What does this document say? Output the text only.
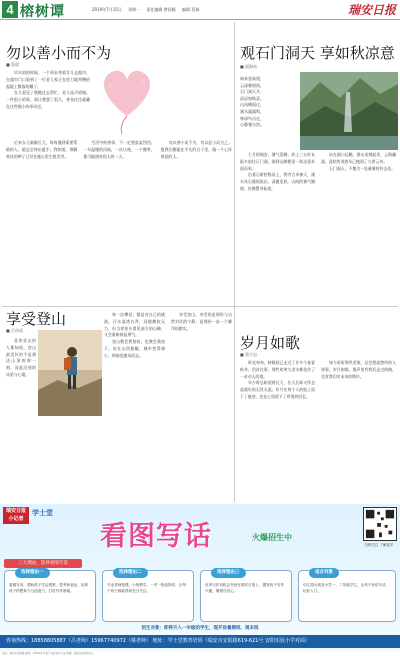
4 榕树谭	2019年7月15日 星期一 责任编辑 曾舒颖 编辑 蔡瑞	瑞安日报
勿以善小而不为
■ 蔡晨

早年前的时候，一个周末带着女儿去超市，在超市门口看到了一位老人家正在吃力地弯腰拾起地上散落的橘子。

女儿看见了便跑过去帮忙，老人连声道谢。一件很小的事，却让我想了很久，善良往往就藏在这些细小的举动里。

后来女儿渐渐长大，每每遇到需要帮助的人，她总会伸出援手。我知道，那颗善良的种子已经在她心里生根发芽。

生活中的善事，不一定要轰轰烈烈。一句温暖的问候，一次让座，一个微笑，都可能照亮别人的一天。

勿以善小而不为，勿以恶小而为之。愿我们都能在平凡的日子里，做一个心怀善意的人。

观石门洞天 享如秋凉意
■ 邱海东
闲来登高望，
云深雾绕间，
石门洞天开，
清凉如秋意。
山风拂面过，
溪水潺潺鸣，
林深鸟自在，
心静暑自消。

七月的瑞安，暑气蒸腾。约上三五好友驱车前往石门洞，刚到山脚便觉一阵凉意扑面而来。

沿着石阶拾级而上，两旁古木参天，溪水从石缝间流出，清澈见底。山间的雾气缭绕，仿佛置身仙境。

站在洞口远眺，群山连绵起伏，云海翻涌，此时的炎热早已抛到了九霄云外。

石门洞天，不愧为一处避暑的好去处。

享受登山
■ 吕卓雨

喜欢登山的人都知道，登山最美好的不是到达山顶的那一刻，而是沿途的风景与心境。

每一次攀登，都是对自己的挑战。汗水湿透衣背，双腿酸软无力，但当你抬头望见前方的山峰，又会重新鼓起勇气。

登山教会我坚持，也教会我放下。站在山顶俯瞰，城市变得渺小，烦恼也随风而去。

享受登山，享受的是那份与自然对话的宁静，是那份一步一个脚印的踏实。

岁月如歌
■ 蔡少岩

时光匆匆，转眼间已走过了许多个春夏秋冬。回首往事，那些欢笑与泪水都化作了一首动人的歌。

年少时总盼望着长大，长大后却又怀念起童年的无忧无虑。岁月在每个人的脸上留下了痕迹，也在心里留下了珍贵的回忆。

如今再听那些老歌，总会想起曾经的人和事。岁月如歌，歌声里有我们走过的路，也有我们对未来的期许。

瑞安日报 小记者
学士堂
看图写话	火爆招生中
扫码关注 了解更多
三大理由，选择看图写话
选择理由一

看图写话，帮助孩子学会观察、思考和表达，培养孩子的想象力与创造力，打好写作基础。

选择理由二

专业老师授课，小班教学，一对一批改指导，让每个孩子都能得到充分关注。

选择理由三

优秀习作有机会刊登在瑞安日报上，激发孩子写作兴趣，增强自信心。

适合对象

幼儿园大班及小学一、二年级学生，让孩子快乐写话，轻松入门。

招生对象：即将升入一年级的学生，现开设暑期班、周末班
咨询热线：18858805887（吕老师）15967740972（蔡老师） 地址：学士堂教育培训（瑞安市安阳路619-621号 安阳实验小学对面）
地址：瑞安市安阳路 邮编：325200 本报广告经营许可证 印刷：瑞安日报印务中心
